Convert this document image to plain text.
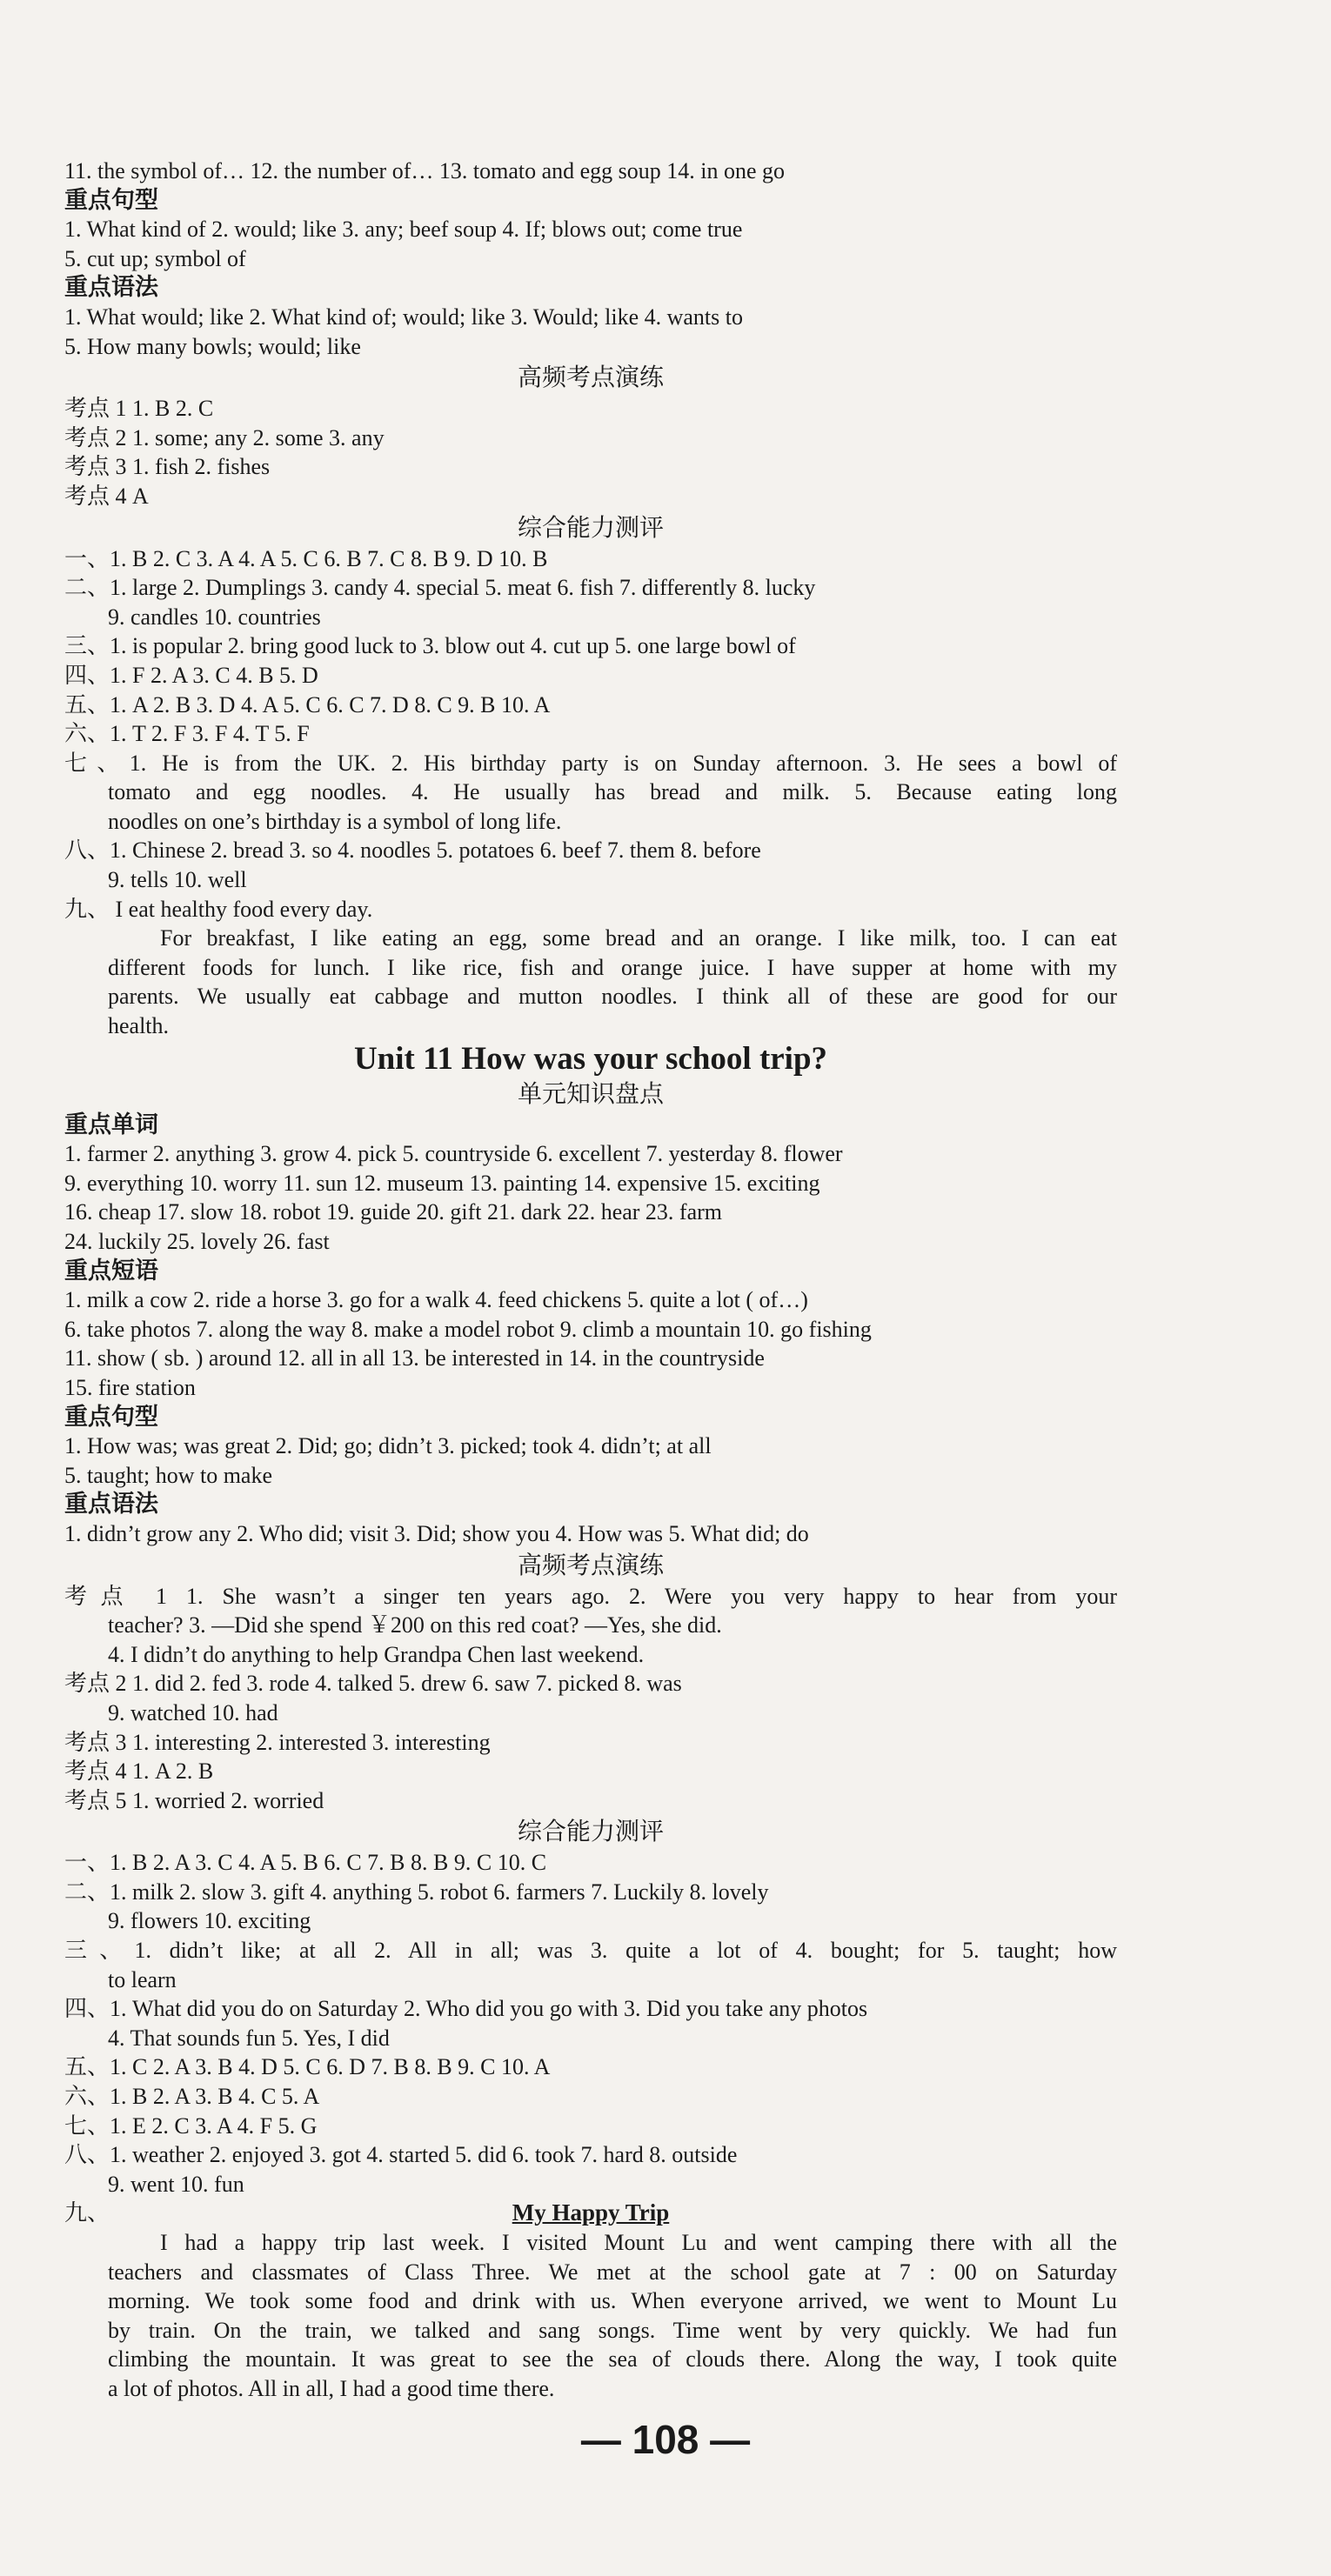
11. the symbol of… 12. the number of… 13. tomato and egg soup 14. in one go
重点句型
1. What kind of 2. would; like 3. any; beef soup 4. If; blows out; come true
5. cut up; symbol of
重点语法
1. What would; like 2. What kind of; would; like 3. Would; like 4. wants to
5. How many bowls; would; like
高频考点演练
考点 1 1. B 2. C
考点 2 1. some; any 2. some 3. any
考点 3 1. fish 2. fishes
考点 4 A
综合能力测评
一、1. B 2. C 3. A 4. A 5. C 6. B 7. C 8. B 9. D 10. B
二、1. large 2. Dumplings 3. candy 4. special 5. meat 6. fish 7. differently 8. lucky
9. candles 10. countries
三、1. is popular 2. bring good luck to 3. blow out 4. cut up 5. one large bowl of
四、1. F 2. A 3. C 4. B 5. D
五、1. A 2. B 3. D 4. A 5. C 6. C 7. D 8. C 9. B 10. A
六、1. T 2. F 3. F 4. T 5. F
七、1. He is from the UK. 2. His birthday party is on Sunday afternoon. 3. He sees a bowl of
tomato and egg noodles. 4. He usually has bread and milk. 5. Because eating long
noodles on one’s birthday is a symbol of long life.
八、1. Chinese 2. bread 3. so 4. noodles 5. potatoes 6. beef 7. them 8. before
9. tells 10. well
九、 I eat healthy food every day.
For breakfast, I like eating an egg, some bread and an orange. I like milk, too. I can eat
different foods for lunch. I like rice, fish and orange juice. I have supper at home with my
parents. We usually eat cabbage and mutton noodles. I think all of these are good for our
health.
Unit 11 How was your school trip?
单元知识盘点
重点单词
1. farmer 2. anything 3. grow 4. pick 5. countryside 6. excellent 7. yesterday 8. flower
9. everything 10. worry 11. sun 12. museum 13. painting 14. expensive 15. exciting
16. cheap 17. slow 18. robot 19. guide 20. gift 21. dark 22. hear 23. farm
24. luckily 25. lovely 26. fast
重点短语
1. milk a cow 2. ride a horse 3. go for a walk 4. feed chickens 5. quite a lot ( of…)
6. take photos 7. along the way 8. make a model robot 9. climb a mountain 10. go fishing
11. show ( sb. ) around 12. all in all 13. be interested in 14. in the countryside
15. fire station
重点句型
1. How was; was great 2. Did; go; didn’t 3. picked; took 4. didn’t; at all
5. taught; how to make
重点语法
1. didn’t grow any 2. Who did; visit 3. Did; show you 4. How was 5. What did; do
高频考点演练
考点 1 1. She wasn’t a singer ten years ago. 2. Were you very happy to hear from your
teacher? 3. —Did she spend ￥200 on this red coat? —Yes, she did.
4. I didn’t do anything to help Grandpa Chen last weekend.
考点 2 1. did 2. fed 3. rode 4. talked 5. drew 6. saw 7. picked 8. was
9. watched 10. had
考点 3 1. interesting 2. interested 3. interesting
考点 4 1. A 2. B
考点 5 1. worried 2. worried
综合能力测评
一、1. B 2. A 3. C 4. A 5. B 6. C 7. B 8. B 9. C 10. C
二、1. milk 2. slow 3. gift 4. anything 5. robot 6. farmers 7. Luckily 8. lovely
9. flowers 10. exciting
三、1. didn’t like; at all 2. All in all; was 3. quite a lot of 4. bought; for 5. taught; how
to learn
四、1. What did you do on Saturday 2. Who did you go with 3. Did you take any photos
4. That sounds fun 5. Yes, I did
五、1. C 2. A 3. B 4. D 5. C 6. D 7. B 8. B 9. C 10. A
六、1. B 2. A 3. B 4. C 5. A
七、1. E 2. C 3. A 4. F 5. G
八、1. weather 2. enjoyed 3. got 4. started 5. did 6. took 7. hard 8. outside
9. went 10. fun
九、	My Happy Trip
I had a happy trip last week. I visited Mount Lu and went camping there with all the
teachers and classmates of Class Three. We met at the school gate at 7 : 00 on Saturday
morning. We took some food and drink with us. When everyone arrived, we went to Mount Lu
by train. On the train, we talked and sang songs. Time went by very quickly. We had fun
climbing the mountain. It was great to see the sea of clouds there. Along the way, I took quite
a lot of photos. All in all, I had a good time there.
— 108 —
